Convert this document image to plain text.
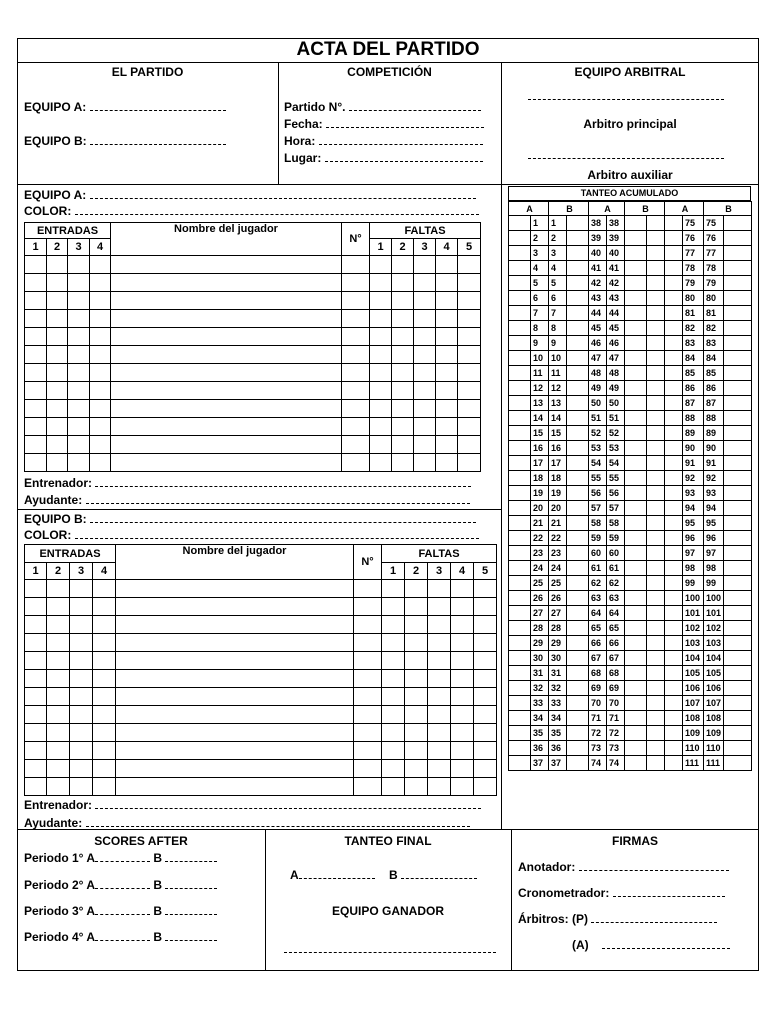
ACTA DEL PARTIDO
EL PARTIDO
EQUIPO A:
EQUIPO B:
COMPETICIÓN
Partido N°.
Fecha:
Hora:
Lugar:
EQUIPO ARBITRAL
Arbitro principal
Arbitro auxiliar
EQUIPO A:
COLOR:
ENTRADAS				Nombre del jugador	N°	FALTAS				
1	2	3	4			1	2	3	4	5

Entrenador:
Ayudante:
EQUIPO B:
COLOR:
ENTRADAS				Nombre del jugador	N°	FALTAS				
1	2	3	4			1	2	3	4	5

Entrenador:
Ayudante:
TANTEO ACUMULADO
A		B		A		B		A		B	
	1	1		38	38				75	75	
	2	2		39	39				76	76	
	3	3		40	40				77	77	
	4	4		41	41				78	78	
	5	5		42	42				79	79	
	6	6		43	43				80	80	
	7	7		44	44				81	81	
	8	8		45	45				82	82	
	9	9		46	46				83	83	
	10	10		47	47				84	84	
	11	11		48	48				85	85	
	12	12		49	49				86	86	
	13	13		50	50				87	87	
	14	14		51	51				88	88	
	15	15		52	52				89	89	
	16	16		53	53				90	90	
	17	17		54	54				91	91	
	18	18		55	55				92	92	
	19	19		56	56				93	93	
	20	20		57	57				94	94	
	21	21		58	58				95	95	
	22	22		59	59				96	96	
	23	23		60	60				97	97	
	24	24		61	61				98	98	
	25	25		62	62				99	99	
	26	26		63	63				100	100	
	27	27		64	64				101	101	
	28	28		65	65				102	102	
	29	29		66	66				103	103	
	30	30		67	67				104	104	
	31	31		68	68				105	105	
	32	32		69	69				106	106	
	33	33		70	70				107	107	
	34	34		71	71				108	108	
	35	35		72	72				109	109	
	36	36		73	73				110	110	
	37	37		74	74				111	111	
SCORES AFTER
Periodo 1° A	B
Periodo 2° A	B
Periodo 3° A	B
Periodo 4° A	B
TANTEO FINAL
A	B
EQUIPO GANADOR
FIRMAS
Anotador:
Cronometrador:
Árbitros: (P)
(A)
